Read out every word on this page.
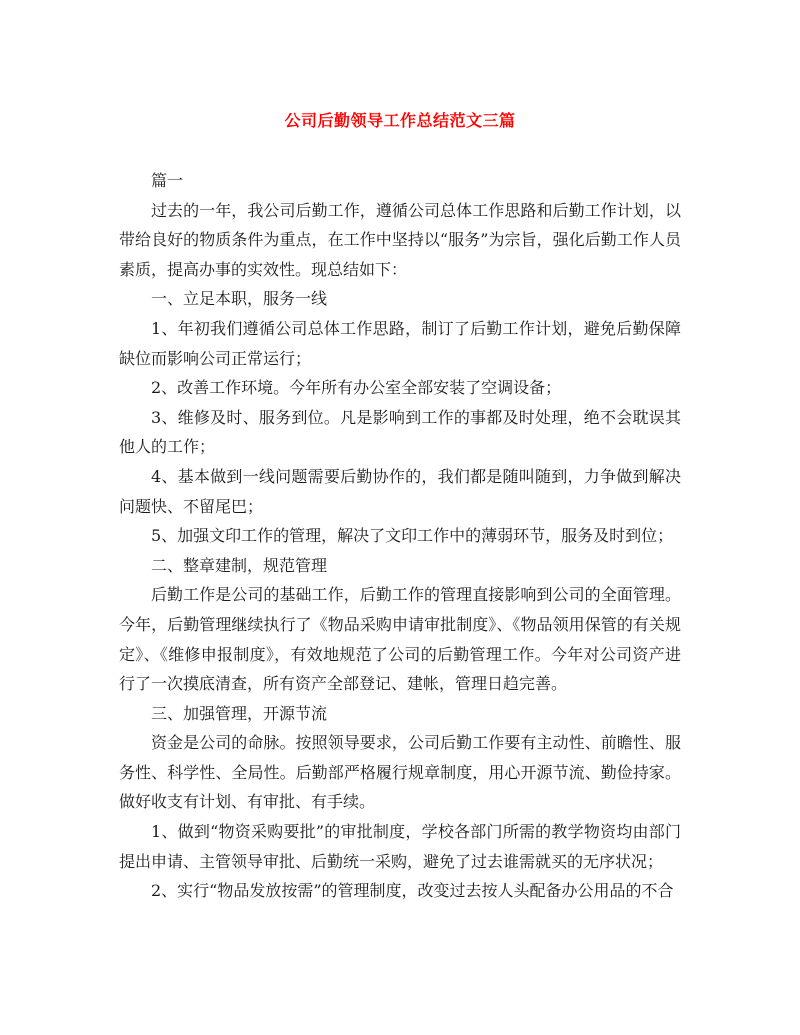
公司后勤领导工作总结范文三篇

篇一

过去的一年，我公司后勤工作，遵循公司总体工作思路和后勤工作计划，以带给良好的物质条件为重点，在工作中坚持以“服务”为宗旨，强化后勤工作人员素质，提高办事的实效性。现总结如下：

一、立足本职，服务一线

1、年初我们遵循公司总体工作思路，制订了后勤工作计划，避免后勤保障缺位而影响公司正常运行；

2、改善工作环境。今年所有办公室全部安装了空调设备；

3、维修及时、服务到位。凡是影响到工作的事都及时处理，绝不会耽误其他人的工作；

4、基本做到一线问题需要后勤协作的，我们都是随叫随到，力争做到解决问题快、不留尾巴；

5、加强文印工作的管理，解决了文印工作中的薄弱环节，服务及时到位；

二、整章建制，规范管理

后勤工作是公司的基础工作，后勤工作的管理直接影响到公司的全面管理。今年，后勤管理继续执行了《物品采购申请审批制度》、《物品领用保管的有关规定》、《维修申报制度》，有效地规范了公司的后勤管理工作。今年对公司资产进行了一次摸底清查，所有资产全部登记、建帐，管理日趋完善。

三、加强管理，开源节流

资金是公司的命脉。按照领导要求，公司后勤工作要有主动性、前瞻性、服务性、科学性、全局性。后勤部严格履行规章制度，用心开源节流、勤俭持家。做好收支有计划、有审批、有手续。

1、做到“物资采购要批”的审批制度，学校各部门所需的教学物资均由部门提出申请、主管领导审批、后勤统一采购，避免了过去谁需就买的无序状况；

2、实行“物品发放按需”的管理制度，改变过去按人头配备办公用品的不合
